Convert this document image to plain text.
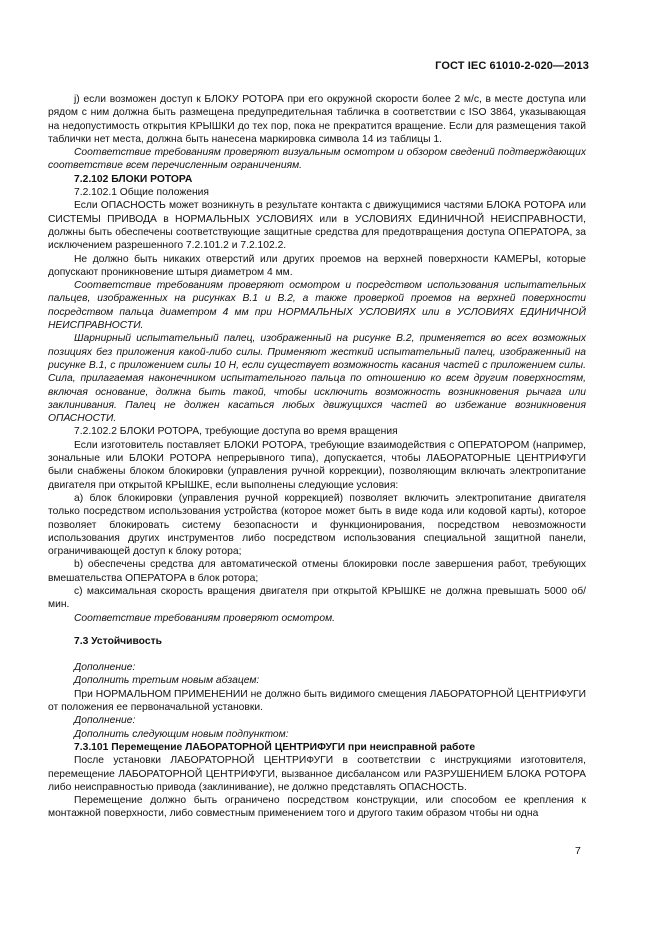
ГОСТ IEC 61010-2-020—2013

j) если возможен доступ к БЛОКУ РОТОРА при его окружной скорости более 2 м/с, в месте доступа или рядом с ним должна быть размещена предупредительная табличка в соответствии с ISO 3864, указывающая на недопустимость открытия КРЫШКИ до тех пор, пока не прекратится вращение. Если для размещения такой таблички нет места, должна быть нанесена маркировка символа 14 из таблицы 1.

Соответствие требованиям проверяют визуальным осмотром и обзором сведений подтверждающих соответствие всем перечисленным ограничениям.

7.2.102 БЛОКИ РОТОРА

7.2.102.1 Общие положения

Если ОПАСНОСТЬ может возникнуть в результате контакта с движущимися частями БЛОКА РОТОРА или СИСТЕМЫ ПРИВОДА в НОРМАЛЬНЫХ УСЛОВИЯХ или в УСЛОВИЯХ ЕДИНИЧНОЙ НЕИСПРАВНОСТИ, должны быть обеспечены соответствующие защитные средства для предотвращения доступа ОПЕРАТОРА, за исключением разрешенного 7.2.101.2 и 7.2.102.2.

Не должно быть никаких отверстий или других проемов на верхней поверхности КАМЕРЫ, которые допускают проникновение штыря диаметром 4 мм.

Соответствие требованиям проверяют осмотром и посредством использования испытательных пальцев, изображенных на рисунках В.1 и В.2, а также проверкой проемов на верхней поверхности посредством пальца диаметром 4 мм при НОРМАЛЬНЫХ УСЛОВИЯХ или в УСЛОВИЯХ ЕДИНИЧНОЙ НЕИСПРАВНОСТИ.

Шарнирный испытательный палец, изображенный на рисунке В.2, применяется во всех возможных позициях без приложения какой-либо силы. Применяют жесткий испытательный палец, изображенный на рисунке В.1, с приложением силы 10 Н, если существует возможность касания частей с приложением силы. Сила, прилагаемая наконечником испытательного пальца по отношению ко всем другим поверхностям, включая основание, должна быть такой, чтобы исключить возможность возникновения рычага или заклинивания. Палец не должен касаться любых движущихся частей во избежание возникновения ОПАСНОСТИ.

7.2.102.2 БЛОКИ РОТОРА, требующие доступа во время вращения

Если изготовитель поставляет БЛОКИ РОТОРА, требующие взаимодействия с ОПЕРАТОРОМ (например, зональные или БЛОКИ РОТОРА непрерывного типа), допускается, чтобы ЛАБОРАТОРНЫЕ ЦЕНТРИФУГИ были снабжены блоком блокировки (управления ручной коррекции), позволяющим включать электропитание двигателя при открытой КРЫШКЕ, если выполнены следующие условия:

а) блок блокировки (управления ручной коррекцией) позволяет включить электропитание двигателя только посредством использования устройства (которое может быть в виде кода или кодовой карты), которое позволяет блокировать систему безопасности и функционирования, посредством невозможности использования других инструментов либо посредством использования специальной защитной панели, ограничивающей доступ к блоку ротора;

b) обеспечены средства для автоматической отмены блокировки после завершения работ, требующих вмешательства ОПЕРАТОРА в блок ротора;

c) максимальная скорость вращения двигателя при открытой КРЫШКЕ не должна превышать 5000 об/мин.

Соответствие требованиям проверяют осмотром.

7.3 Устойчивость

Дополнение:

Дополнить третьим новым абзацем:

При НОРМАЛЬНОМ ПРИМЕНЕНИИ не должно быть видимого смещения ЛАБОРАТОРНОЙ ЦЕНТРИФУГИ от положения ее первоначальной установки.

Дополнение:

Дополнить следующим новым подпунктом:

7.3.101 Перемещение ЛАБОРАТОРНОЙ ЦЕНТРИФУГИ при неисправной работе

После установки ЛАБОРАТОРНОЙ ЦЕНТРИФУГИ в соответствии с инструкциями изготовителя, перемещение ЛАБОРАТОРНОЙ ЦЕНТРИФУГИ, вызванное дисбалансом или РАЗРУШЕНИЕМ БЛОКА РОТОРА либо неисправностью привода (заклинивание), не должно представлять ОПАСНОСТЬ.

Перемещение должно быть ограничено посредством конструкции, или способом ее крепления к монтажной поверхности, либо совместным применением того и другого таким образом чтобы ни одна

7
